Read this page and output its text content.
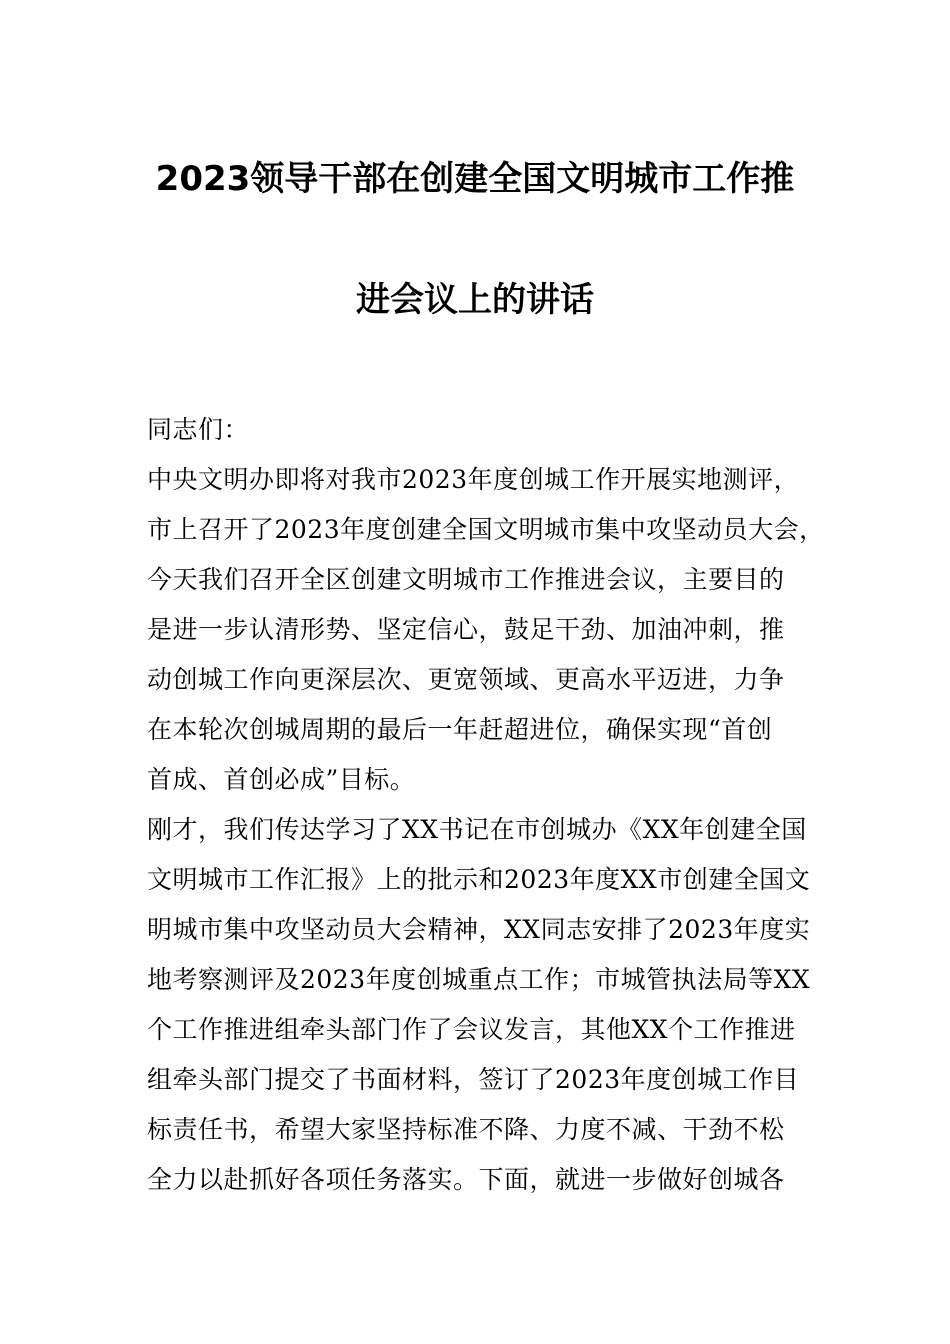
2023领导干部在创建全国文明城市工作推
进会议上的讲话
同志们：
中央文明办即将对我市2023年度创城工作开展实地测评，
市上召开了2023年度创建全国文明城市集中攻坚动员大会，
今天我们召开全区创建文明城市工作推进会议，主要目的
是进一步认清形势、坚定信心，鼓足干劲、加油冲刺，推
动创城工作向更深层次、更宽领域、更高水平迈进，力争
在本轮次创城周期的最后一年赶超进位，确保实现“首创
首成、首创必成”目标。
刚才，我们传达学习了XX书记在市创城办《XX年创建全国
文明城市工作汇报》上的批示和2023年度XX市创建全国文
明城市集中攻坚动员大会精神，XX同志安排了2023年度实
地考察测评及2023年度创城重点工作；市城管执法局等XX
个工作推进组牵头部门作了会议发言，其他XX个工作推进
组牵头部门提交了书面材料，签订了2023年度创城工作目
标责任书，希望大家坚持标准不降、力度不减、干劲不松
全力以赴抓好各项任务落实。下面，就进一步做好创城各
